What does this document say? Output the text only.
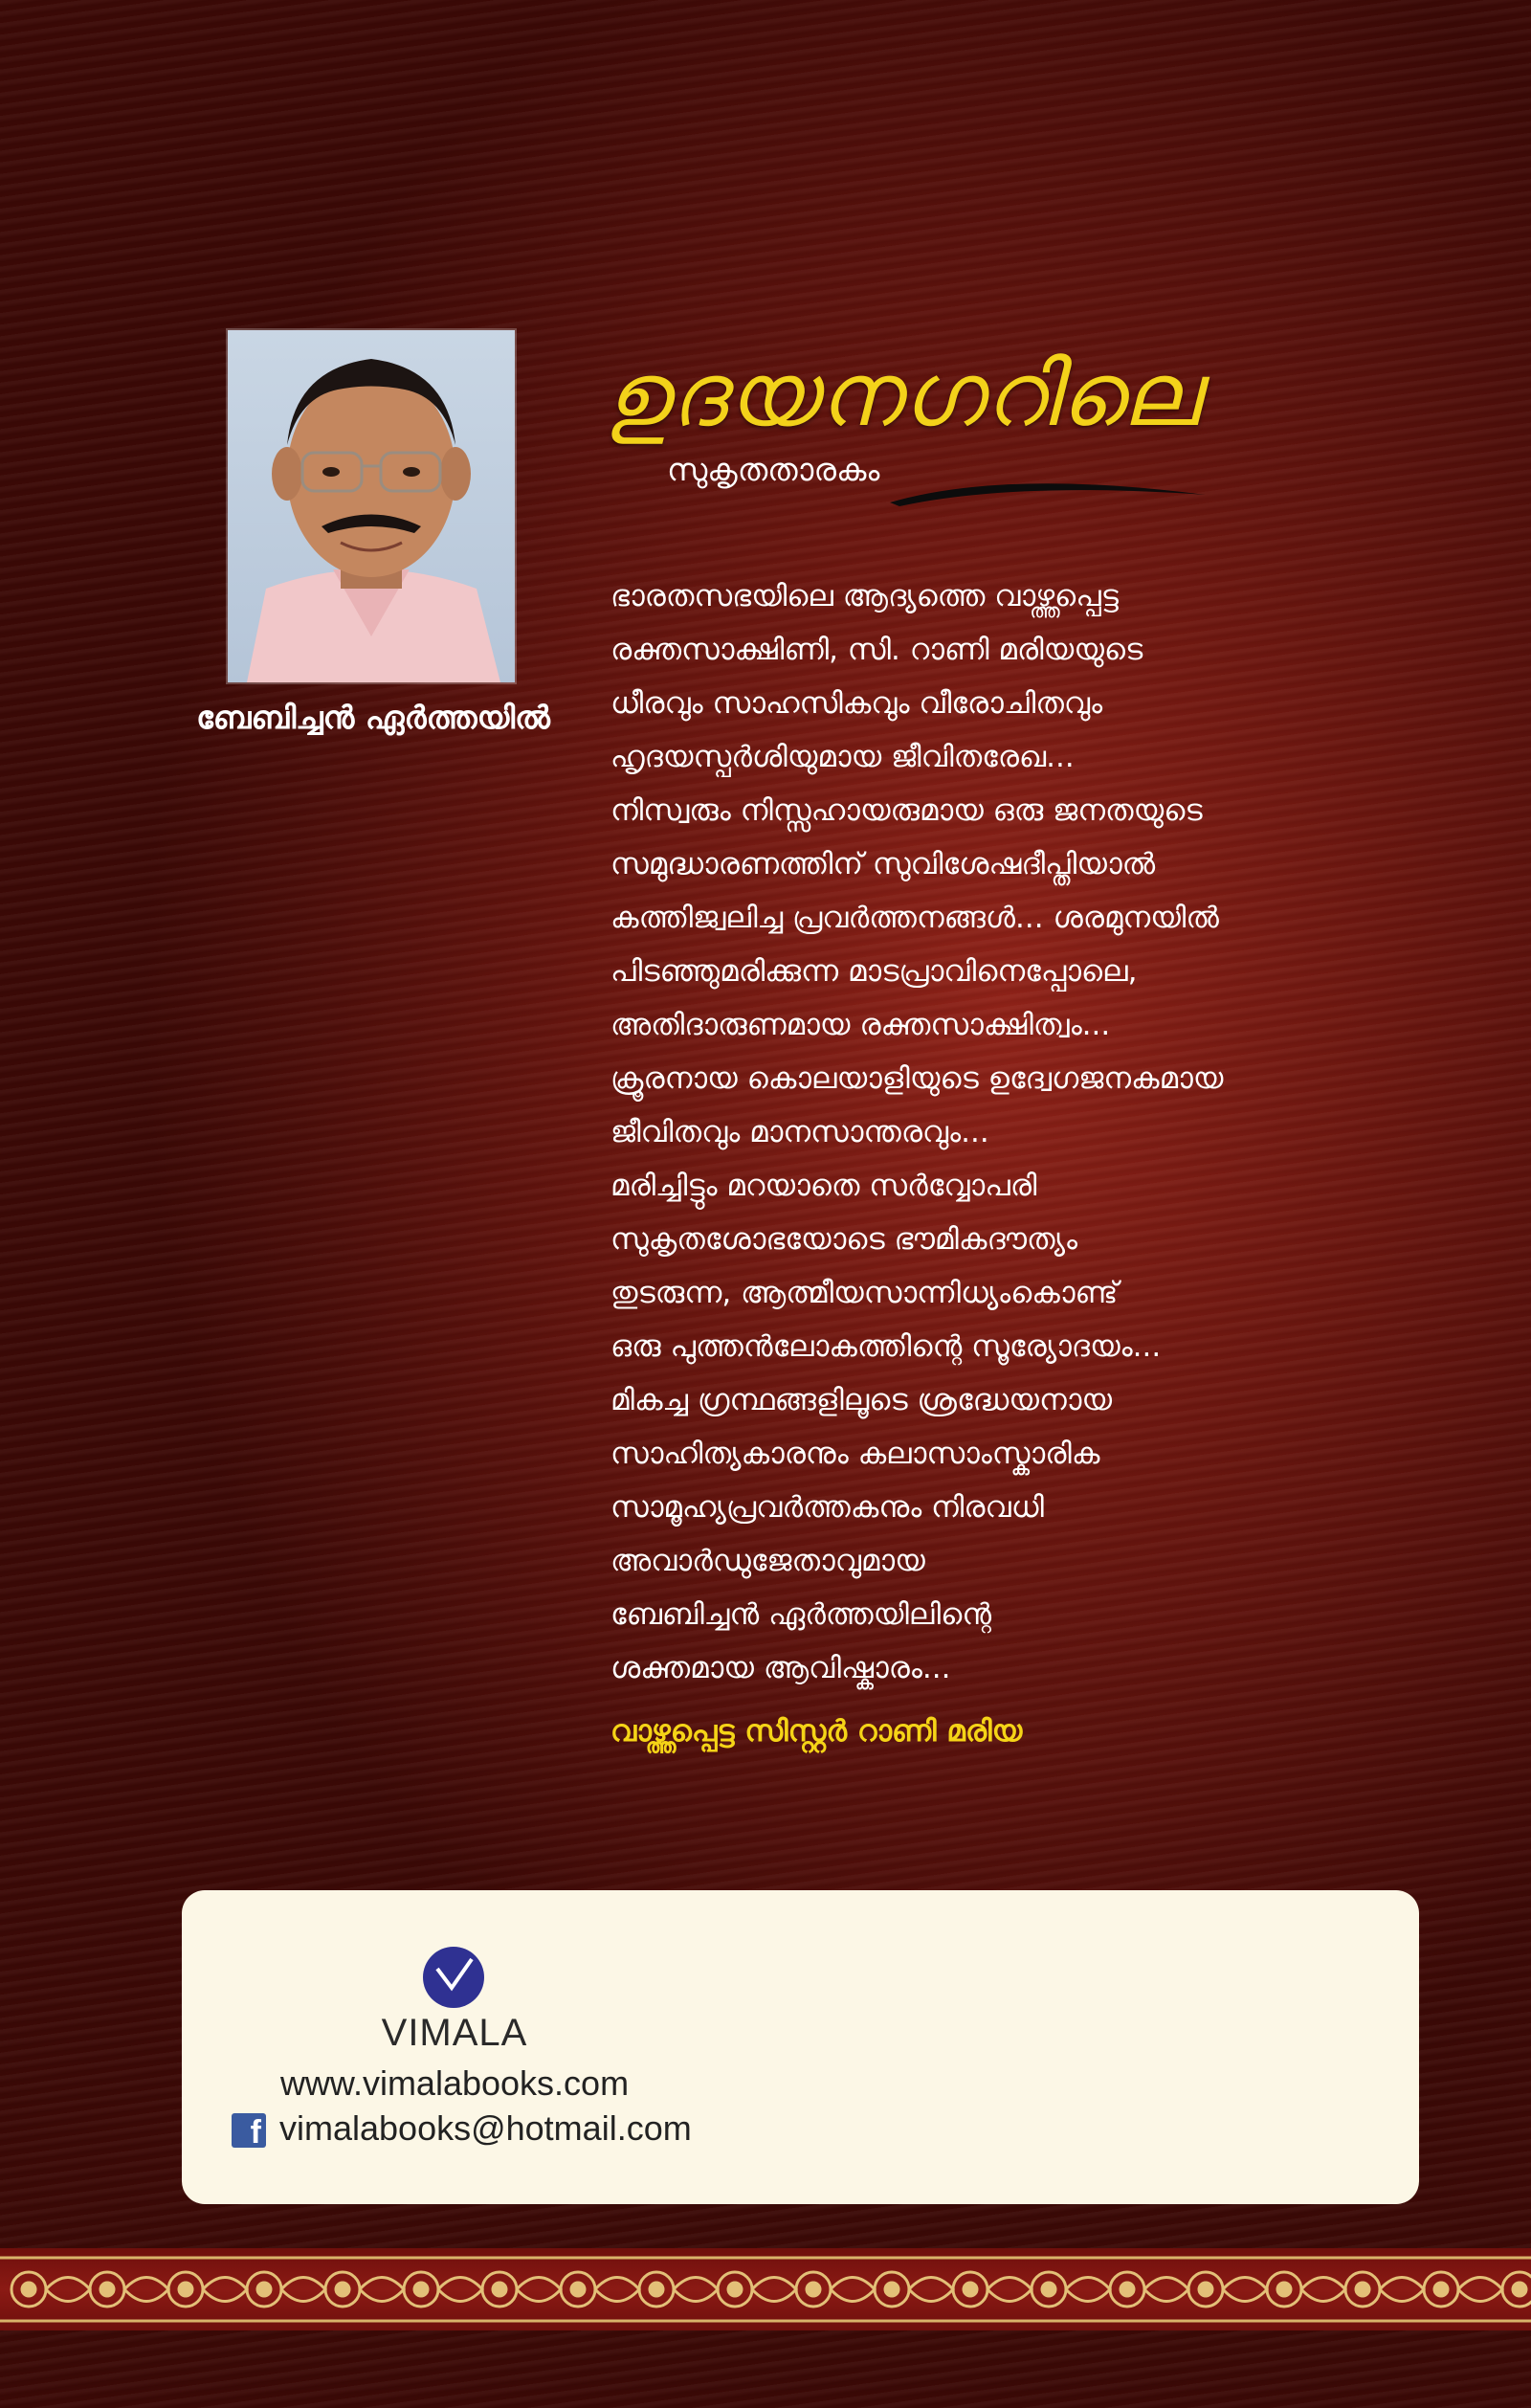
ബേബിച്ചൻ ഏർത്തയിൽ
ഉദയനഗറിലെ
സുകൃതതാരകം
ഭാരതസഭയിലെ ആദ്യത്തെ വാഴ്ത്തപ്പെട്ട
രക്തസാക്ഷിണി, സി. റാണി മരിയയുടെ
ധീരവും സാഹസികവും വീരോചിതവും
ഹൃദയസ്പർശിയുമായ ജീവിതരേഖ...
നിസ്വരും നിസ്സഹായരുമായ ഒരു ജനതയുടെ
സമുദ്ധാരണത്തിന് സുവിശേഷദീപ്തിയാൽ
കത്തിജ്വലിച്ച പ്രവർത്തനങ്ങൾ... ശരമുനയിൽ
പിടഞ്ഞുമരിക്കുന്ന മാടപ്രാവിനെപ്പോലെ,
അതിദാരുണമായ രക്തസാക്ഷിത്വം...
ക്രൂരനായ കൊലയാളിയുടെ ഉദ്വേഗജനകമായ
ജീവിതവും മാനസാന്തരവും...
മരിച്ചിട്ടും മറയാതെ സർവ്വോപരി
സുകൃതശോഭയോടെ ഭൗമികദൗത്യം
തുടരുന്ന, ആത്മീയസാന്നിധ്യംകൊണ്ട്
ഒരു പുത്തൻലോകത്തിന്റെ സൂര്യോദയം...
മികച്ച ഗ്രന്ഥങ്ങളിലൂടെ ശ്രദ്ധേയനായ
സാഹിത്യകാരനും കലാസാംസ്കാരിക
സാമൂഹ്യപ്രവർത്തകനും നിരവധി
അവാർഡുജേതാവുമായ
ബേബിച്ചൻ ഏർത്തയിലിന്റെ
ശക്തമായ ആവിഷ്കാരം...
വാഴ്ത്തപ്പെട്ട സിസ്റ്റർ റാണി മരിയ
VIMALA
www.vimalabooks.com
f vimalabooks@hotmail.com
